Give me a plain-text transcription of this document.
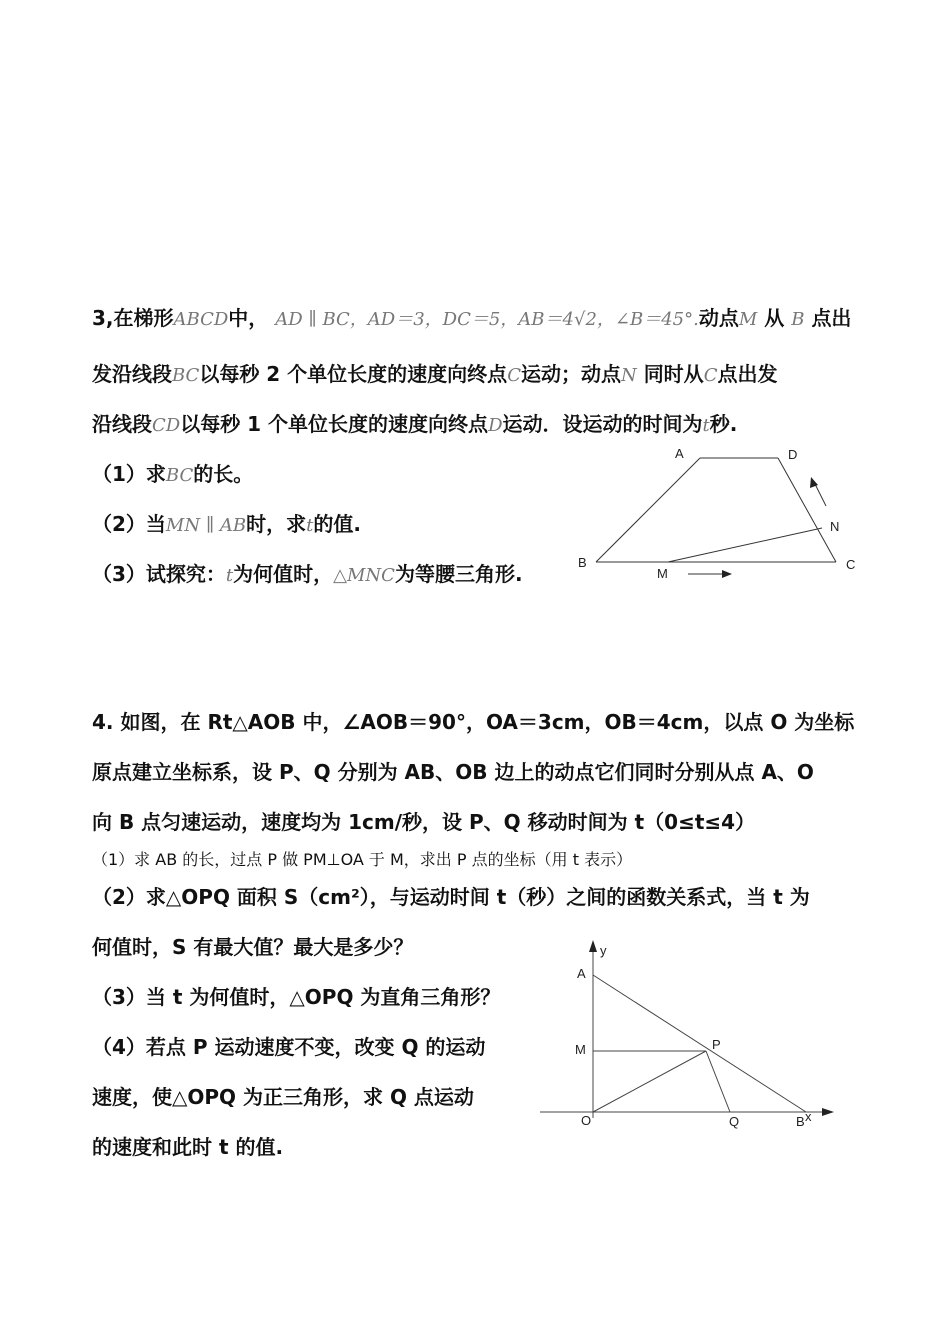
3,在梯形ABCD中， AD ∥ BC，AD＝3，DC＝5，AB＝4√2，∠B＝45°.动点M 从 B 点出
发沿线段BC以每秒 2 个单位长度的速度向终点C运动；动点N 同时从C点出发
沿线段CD以每秒 1 个单位长度的速度向终点D运动．设运动的时间为t秒.
（1）求BC的长。
（2）当MN ∥ AB时，求t的值.
（3）试探究：t为何值时，△MNC为等腰三角形.
A	D
B	C
M
N
y
x
A
M	P
O	Q	B
4. 如图，在 Rt△AOB 中，∠AOB＝90°，OA＝3cm，OB＝4cm，以点 O 为坐标
原点建立坐标系，设 P、Q 分别为 AB、OB 边上的动点它们同时分别从点 A、O
向 B 点匀速运动，速度均为 1cm/秒，设 P、Q 移动时间为 t（0≤t≤4）
（1）求 AB 的长，过点 P 做 PM⊥OA 于 M，求出 P 点的坐标（用 t 表示）
（2）求△OPQ 面积 S（cm²），与运动时间 t（秒）之间的函数关系式，当 t 为
何值时，S 有最大值？最大是多少？
（3）当 t 为何值时，△OPQ 为直角三角形？
（4）若点 P 运动速度不变，改变 Q 的运动
速度，使△OPQ 为正三角形，求 Q 点运动
的速度和此时 t 的值.
